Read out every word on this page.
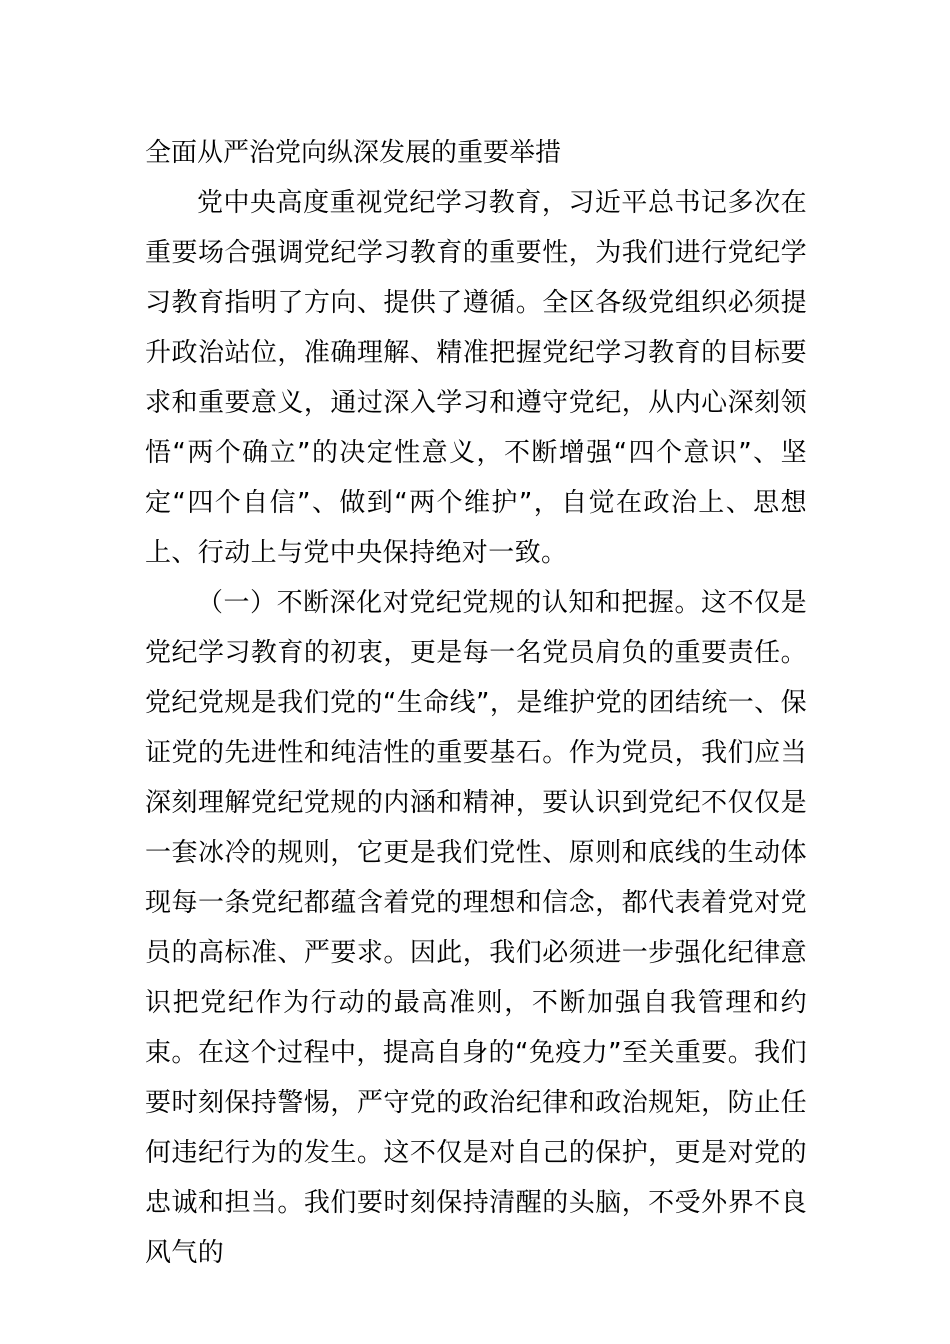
全面从严治党向纵深发展的重要举措

党中央高度重视党纪学习教育，习近平总书记多次在重要场合强调党纪学习教育的重要性，为我们进行党纪学习教育指明了方向、提供了遵循。全区各级党组织必须提升政治站位，准确理解、精准把握党纪学习教育的目标要求和重要意义，通过深入学习和遵守党纪，从内心深刻领悟“两个确立”的决定性意义，不断增强“四个意识”、坚定“四个自信”、做到“两个维护”，自觉在政治上、思想上、行动上与党中央保持绝对一致。

（一）不断深化对党纪党规的认知和把握。这不仅是党纪学习教育的初衷，更是每一名党员肩负的重要责任。党纪党规是我们党的“生命线”，是维护党的团结统一、保证党的先进性和纯洁性的重要基石。作为党员，我们应当深刻理解党纪党规的内涵和精神，要认识到党纪不仅仅是一套冰冷的规则，它更是我们党性、原则和底线的生动体现每一条党纪都蕴含着党的理想和信念，都代表着党对党员的高标准、严要求。因此，我们必须进一步强化纪律意识把党纪作为行动的最高准则，不断加强自我管理和约束。在这个过程中，提高自身的“免疫力”至关重要。我们要时刻保持警惕，严守党的政治纪律和政治规矩，防止任何违纪行为的发生。这不仅是对自己的保护，更是对党的忠诚和担当。我们要时刻保持清醒的头脑，不受外界不良风气的
